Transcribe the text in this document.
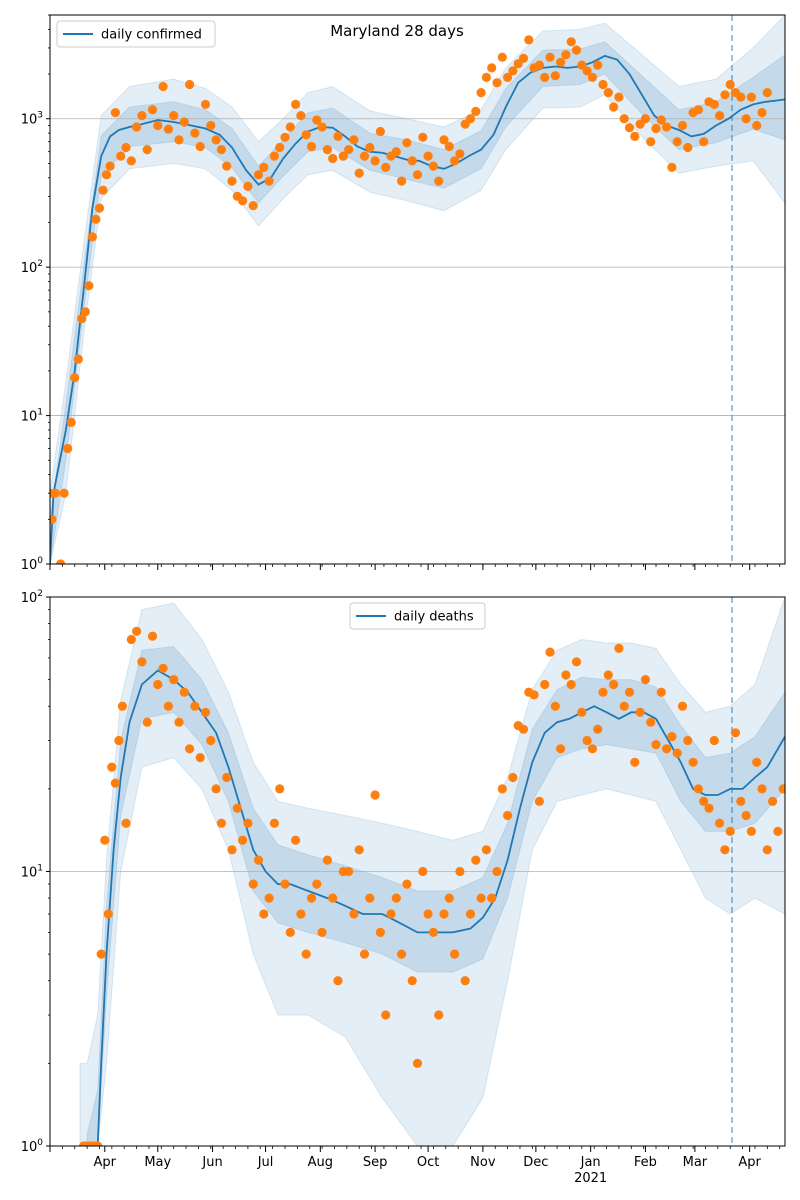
$10^0$
$10^1$
$10^2$
$10^3$
Maryland 28 days
daily confirmed
$10^0$
$10^1$
$10^2$
Apr May Jun	Jul	Aug Sep Oct Nov Dec Jan	Feb Mar Apr
2021
daily deaths
